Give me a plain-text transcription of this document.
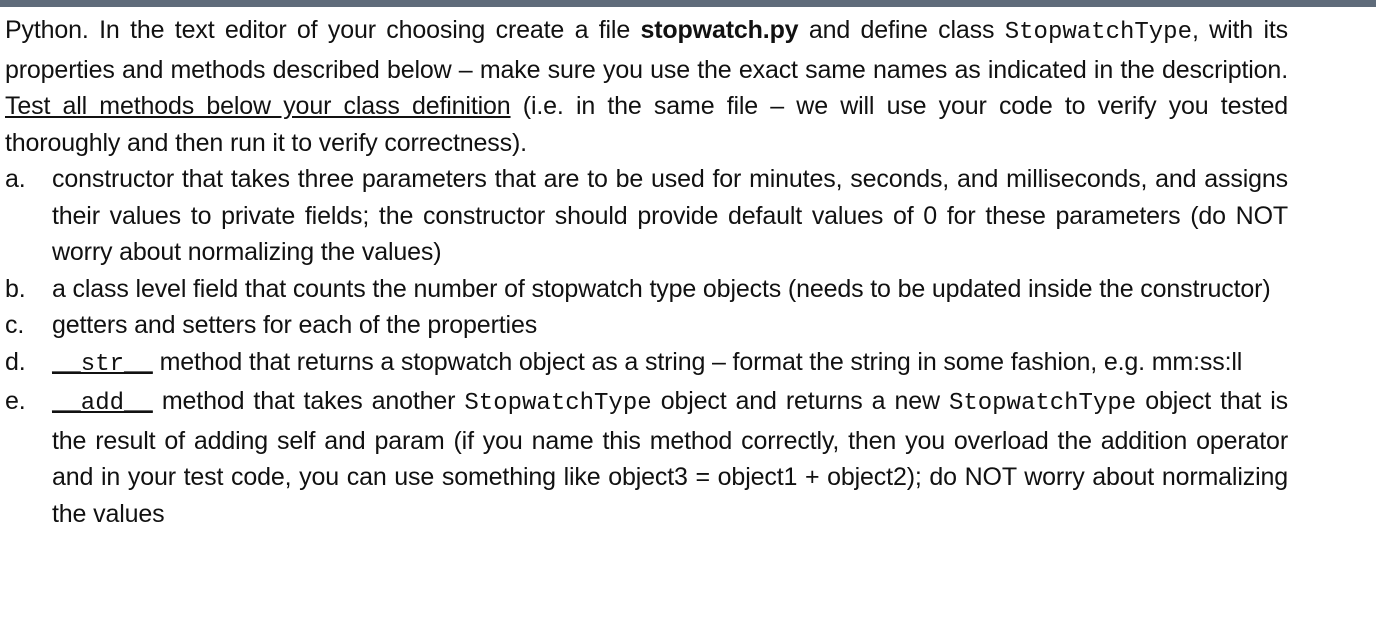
Python. In the text editor of your choosing create a file stopwatch.py and define class StopwatchType, with its properties and methods described below – make sure you use the exact same names as indicated in the description. Test all methods below your class definition (i.e. in the same file – we will use your code to verify you tested thoroughly and then run it to verify correctness).

a. constructor that takes three parameters that are to be used for minutes, seconds, and milliseconds, and assigns their values to private fields; the constructor should provide default values of 0 for these parameters (do NOT worry about normalizing the values)
b. a class level field that counts the number of stopwatch type objects (needs to be updated inside the constructor)
c. getters and setters for each of the properties
d. __str__ method that returns a stopwatch object as a string – format the string in some fashion, e.g. mm:ss:ll
e. __add__ method that takes another StopwatchType object and returns a new StopwatchType object that is the result of adding self and param (if you name this method correctly, then you overload the addition operator and in your test code, you can use something like object3 = object1 + object2); do NOT worry about normalizing the values
